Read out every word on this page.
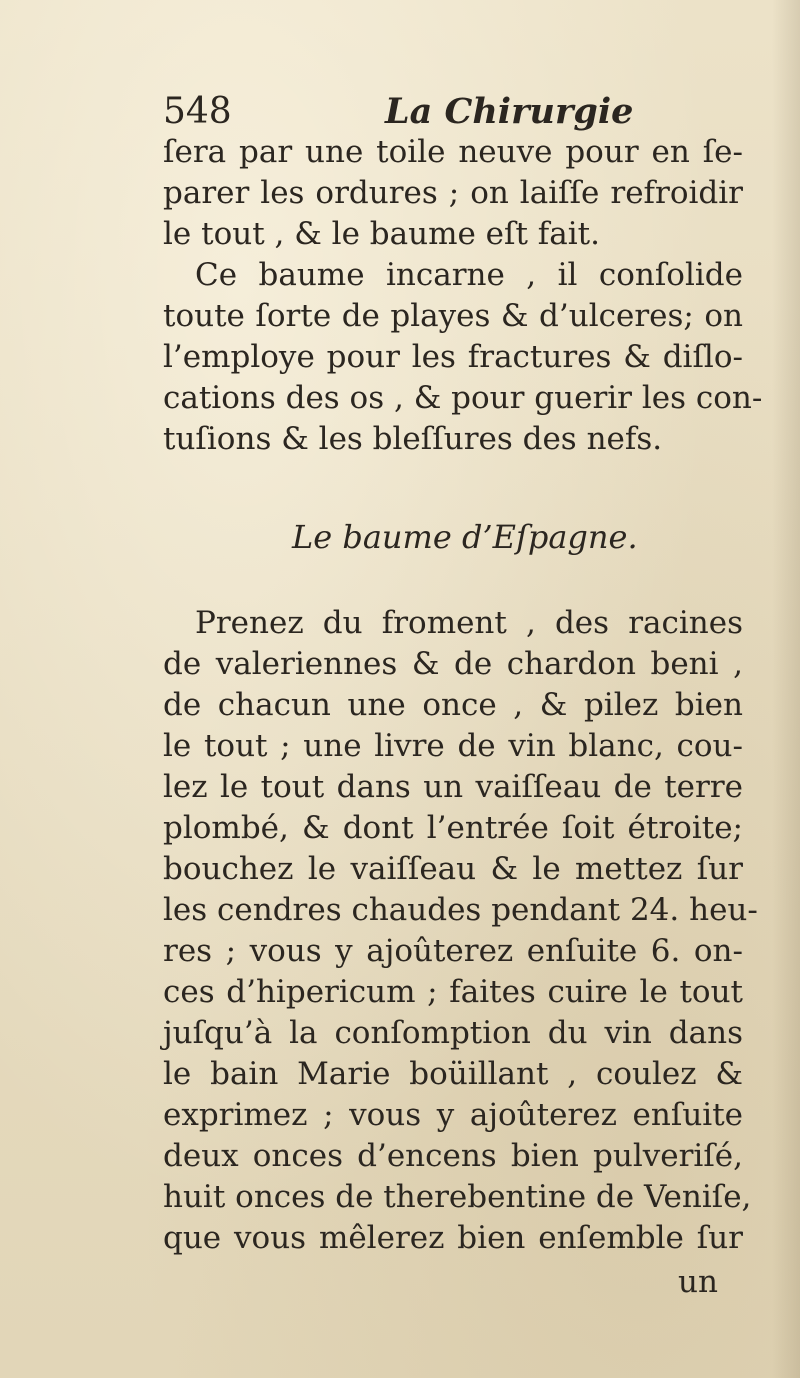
548	La Chirurgie
ſera par une toile neuve pour en ſe-
parer les ordures ; on laiſſe refroidir
le tout , & le baume eſt fait.
Ce baume incarne , il conſolide
toute ſorte de playes & d’ulceres; on
l’employe pour les fractures & diſlo-
cations des os , & pour guerir les con-
tuſions & les bleſſures des nefs.
Le baume d’Eſpagne.
Prenez du froment , des racines
de valeriennes & de chardon beni ,
de chacun une once , & pilez bien
le tout ; une livre de vin blanc, cou-
lez le tout dans un vaiſſeau de terre
plombé, & dont l’entrée ſoit étroite;
bouchez le vaiſſeau & le mettez ſur
les cendres chaudes pendant 24. heu-
res ; vous y ajoûterez enſuite 6. on-
ces d’hipericum ; faites cuire le tout
juſqu’à la conſomption du vin dans
le bain Marie boüillant , coulez &
exprimez ; vous y ajoûterez enſuite
deux onces d’encens bien pulveriſé,
huit onces de therebentine de Veniſe,
que vous mêlerez bien enſemble ſur
un
